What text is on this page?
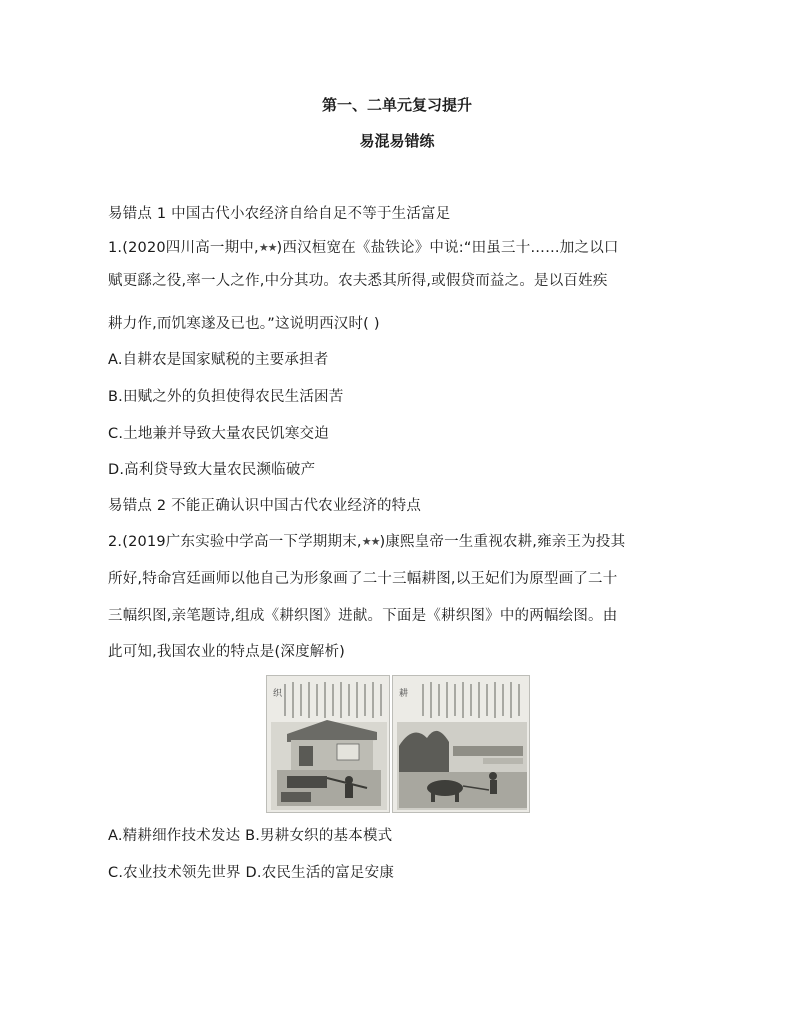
第一、二单元复习提升
易混易错练
易错点 1 中国古代小农经济自给自足不等于生活富足
1.(2020四川高一期中,★★)西汉桓宽在《盐铁论》中说:“田虽三十……加之以口
赋更繇之役,率一人之作,中分其功。农夫悉其所得,或假贷而益之。是以百姓疾
耕力作,而饥寒遂及已也。”这说明西汉时( )
A.自耕农是国家赋税的主要承担者
B.田赋之外的负担使得农民生活困苦
C.土地兼并导致大量农民饥寒交迫
D.高利贷导致大量农民濒临破产
易错点 2 不能正确认识中国古代农业经济的特点
2.(2019广东实验中学高一下学期期末,★★)康熙皇帝一生重视农耕,雍亲王为投其
所好,特命宫廷画师以他自己为形象画了二十三幅耕图,以王妃们为原型画了二十
三幅织图,亲笔题诗,组成《耕织图》进献。下面是《耕织图》中的两幅绘图。由
此可知,我国农业的特点是(深度解析)
织	耕
A.精耕细作技术发达 B.男耕女织的基本模式
C.农业技术领先世界 D.农民生活的富足安康
